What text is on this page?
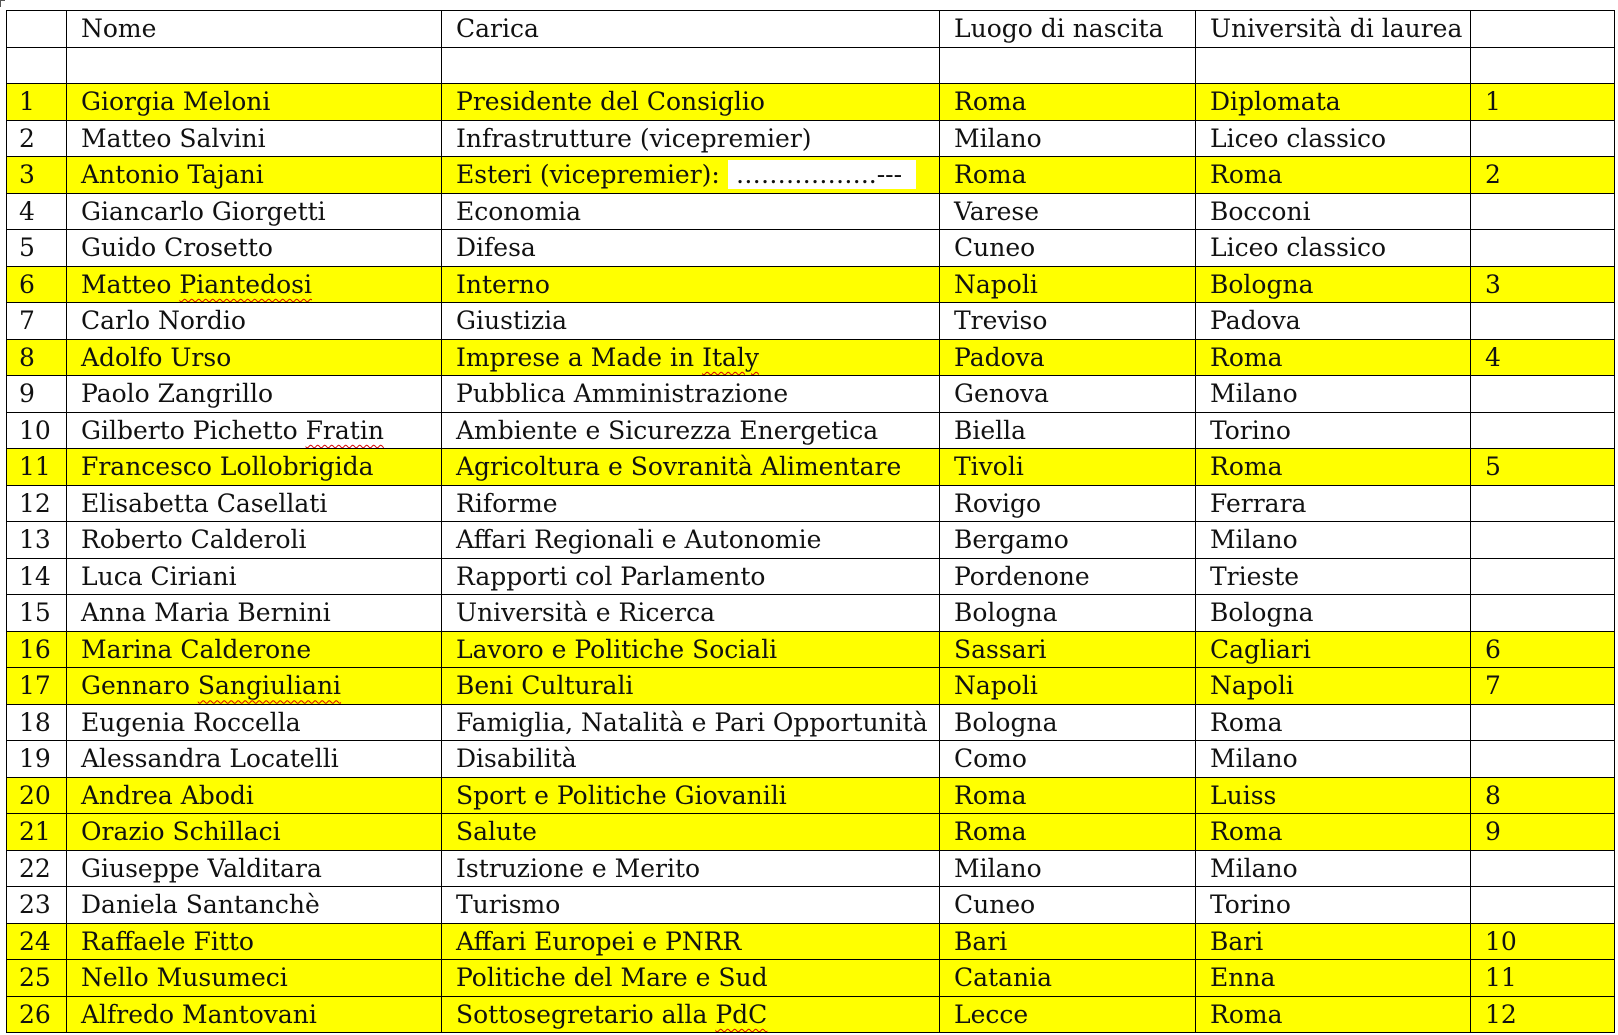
	Nome	Carica	Luogo di nascita	Università di laurea	

1	Giorgia Meloni	Presidente del Consiglio	Roma	Diplomata	1
2	Matteo Salvini	Infrastrutture (vicepremier)	Milano	Liceo classico	
3	Antonio Tajani	Esteri (vicepremier): ……………..---	Roma	Roma	2
4	Giancarlo Giorgetti	Economia	Varese	Bocconi	
5	Guido Crosetto	Difesa	Cuneo	Liceo classico	
6	Matteo Piantedosi	Interno	Napoli	Bologna	3
7	Carlo Nordio	Giustizia	Treviso	Padova	
8	Adolfo Urso	Imprese a Made in Italy	Padova	Roma	4
9	Paolo Zangrillo	Pubblica Amministrazione	Genova	Milano	
10	Gilberto Pichetto Fratin	Ambiente e Sicurezza Energetica	Biella	Torino	
11	Francesco Lollobrigida	Agricoltura e Sovranità Alimentare	Tivoli	Roma	5
12	Elisabetta Casellati	Riforme	Rovigo	Ferrara	
13	Roberto Calderoli	Affari Regionali e Autonomie	Bergamo	Milano	
14	Luca Ciriani	Rapporti col Parlamento	Pordenone	Trieste	
15	Anna Maria Bernini	Università e Ricerca	Bologna	Bologna	
16	Marina Calderone	Lavoro e Politiche Sociali	Sassari	Cagliari	6
17	Gennaro Sangiuliani	Beni Culturali	Napoli	Napoli	7
18	Eugenia Roccella	Famiglia, Natalità e Pari Opportunità	Bologna	Roma	
19	Alessandra Locatelli	Disabilità	Como	Milano	
20	Andrea Abodi	Sport e Politiche Giovanili	Roma	Luiss	8
21	Orazio Schillaci	Salute	Roma	Roma	9
22	Giuseppe Valditara	Istruzione e Merito	Milano	Milano	
23	Daniela Santanchè	Turismo	Cuneo	Torino	
24	Raffaele Fitto	Affari Europei e PNRR	Bari	Bari	10
25	Nello Musumeci	Politiche del Mare e Sud	Catania	Enna	11
26	Alfredo Mantovani	Sottosegretario alla PdC	Lecce	Roma	12
